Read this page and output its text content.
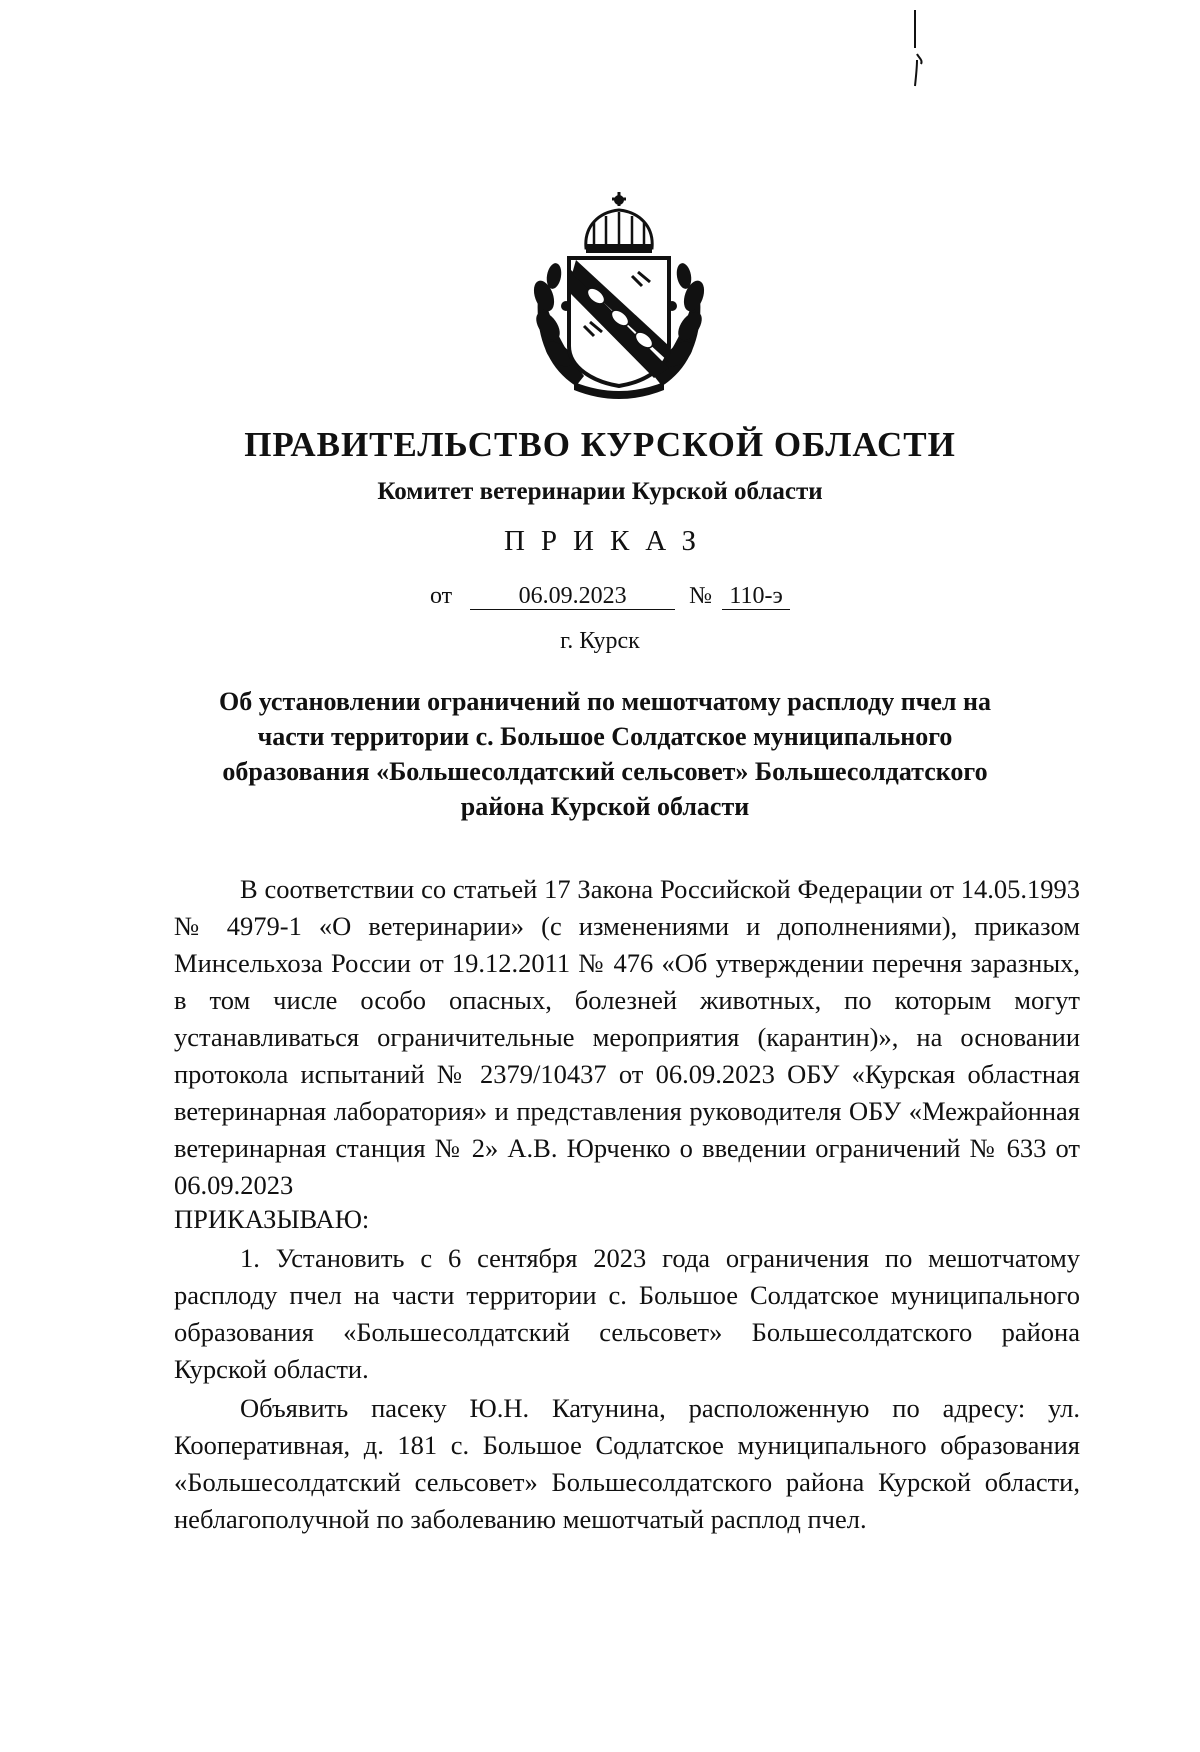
ПРАВИТЕЛЬСТВО КУРСКОЙ ОБЛАСТИ
Комитет ветеринарии Курской области
ПРИКАЗ
от	06.09.2023	№ 110-э
г. Курск
Об установлении ограничений по мешотчатому расплоду пчел на части территории с. Большое Солдатское муниципального образования «Большесолдатский сельсовет» Большесолдатского района Курской области
В соответствии со статьей 17 Закона Российской Федерации от 14.05.1993 № 4979-1 «О ветеринарии» (с изменениями и дополнениями), приказом Минсельхоза России от 19.12.2011 № 476 «Об утверждении перечня заразных, в том числе особо опасных, болезней животных, по которым могут устанавливаться ограничительные мероприятия (карантин)», на основании протокола испытаний № 2379/10437 от 06.09.2023 ОБУ «Курская областная ветеринарная лаборатория» и представления руководителя ОБУ «Межрайонная ветеринарная станция № 2» А.В. Юрченко о введении ограничений № 633 от 06.09.2023
ПРИКАЗЫВАЮ:
1. Установить с 6 сентября 2023 года ограничения по мешотчатому расплоду пчел на части территории с. Большое Солдатское муниципального образования «Большесолдатский сельсовет» Большесолдатского района Курской области.
Объявить пасеку Ю.Н. Катунина, расположенную по адресу: ул. Кооперативная, д. 181 с. Большое Содлатское муниципального образования «Большесолдатский сельсовет» Большесолдатского района Курской области, неблагополучной по заболеванию мешотчатый расплод пчел.
